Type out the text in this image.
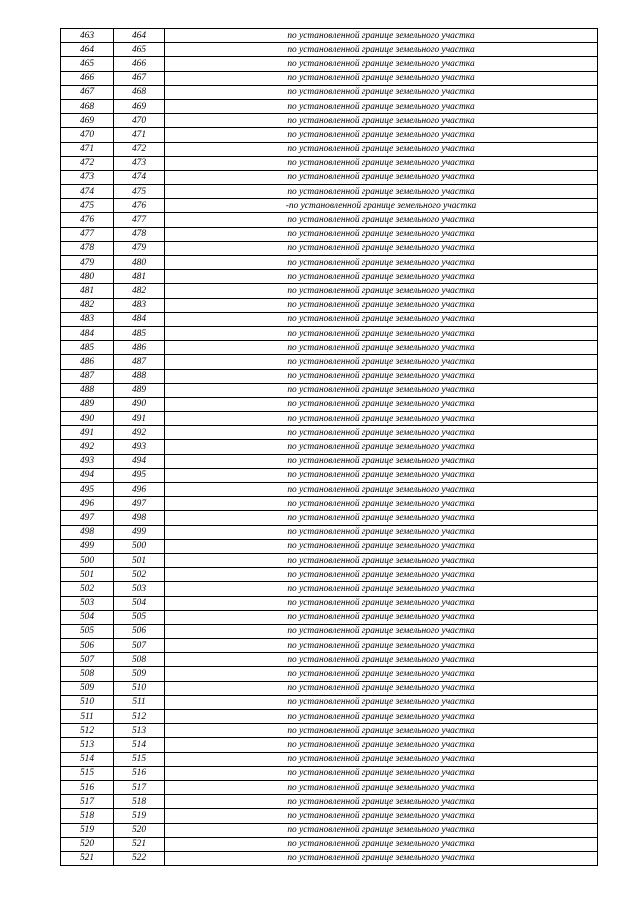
463	464	по установленной границе земельного участка
464	465	по установленной границе земельного участка
465	466	по установленной границе земельного участка
466	467	по установленной границе земельного участка
467	468	по установленной границе земельного участка
468	469	по установленной границе земельного участка
469	470	по установленной границе земельного участка
470	471	по установленной границе земельного участка
471	472	по установленной границе земельного участка
472	473	по установленной границе земельного участка
473	474	по установленной границе земельного участка
474	475	по установленной границе земельного участка
475	476	-по установленной границе земельного участка
476	477	по установленной границе земельного участка
477	478	по установленной границе земельного участка
478	479	по установленной границе земельного участка
479	480	по установленной границе земельного участка
480	481	по установленной границе земельного участка
481	482	по установленной границе земельного участка
482	483	по установленной границе земельного участка
483	484	по установленной границе земельного участка
484	485	по установленной границе земельного участка
485	486	по установленной границе земельного участка
486	487	по установленной границе земельного участка
487	488	по установленной границе земельного участка
488	489	по установленной границе земельного участка
489	490	по установленной границе земельного участка
490	491	по установленной границе земельного участка
491	492	по установленной границе земельного участка
492	493	по установленной границе земельного участка
493	494	по установленной границе земельного участка
494	495	по установленной границе земельного участка
495	496	по установленной границе земельного участка
496	497	по установленной границе земельного участка
497	498	по установленной границе земельного участка
498	499	по установленной границе земельного участка
499	500	по установленной границе земельного участка
500	501	по установленной границе земельного участка
501	502	по установленной границе земельного участка
502	503	по установленной границе земельного участка
503	504	по установленной границе земельного участка
504	505	по установленной границе земельного участка
505	506	по установленной границе земельного участка
506	507	по установленной границе земельного участка
507	508	по установленной границе земельного участка
508	509	по установленной границе земельного участка
509	510	по установленной границе земельного участка
510	511	по установленной границе земельного участка
511	512	по установленной границе земельного участка
512	513	по установленной границе земельного участка
513	514	по установленной границе земельного участка
514	515	по установленной границе земельного участка
515	516	по установленной границе земельного участка
516	517	по установленной границе земельного участка
517	518	по установленной границе земельного участка
518	519	по установленной границе земельного участка
519	520	по установленной границе земельного участка
520	521	по установленной границе земельного участка
521	522	по установленной границе земельного участка
